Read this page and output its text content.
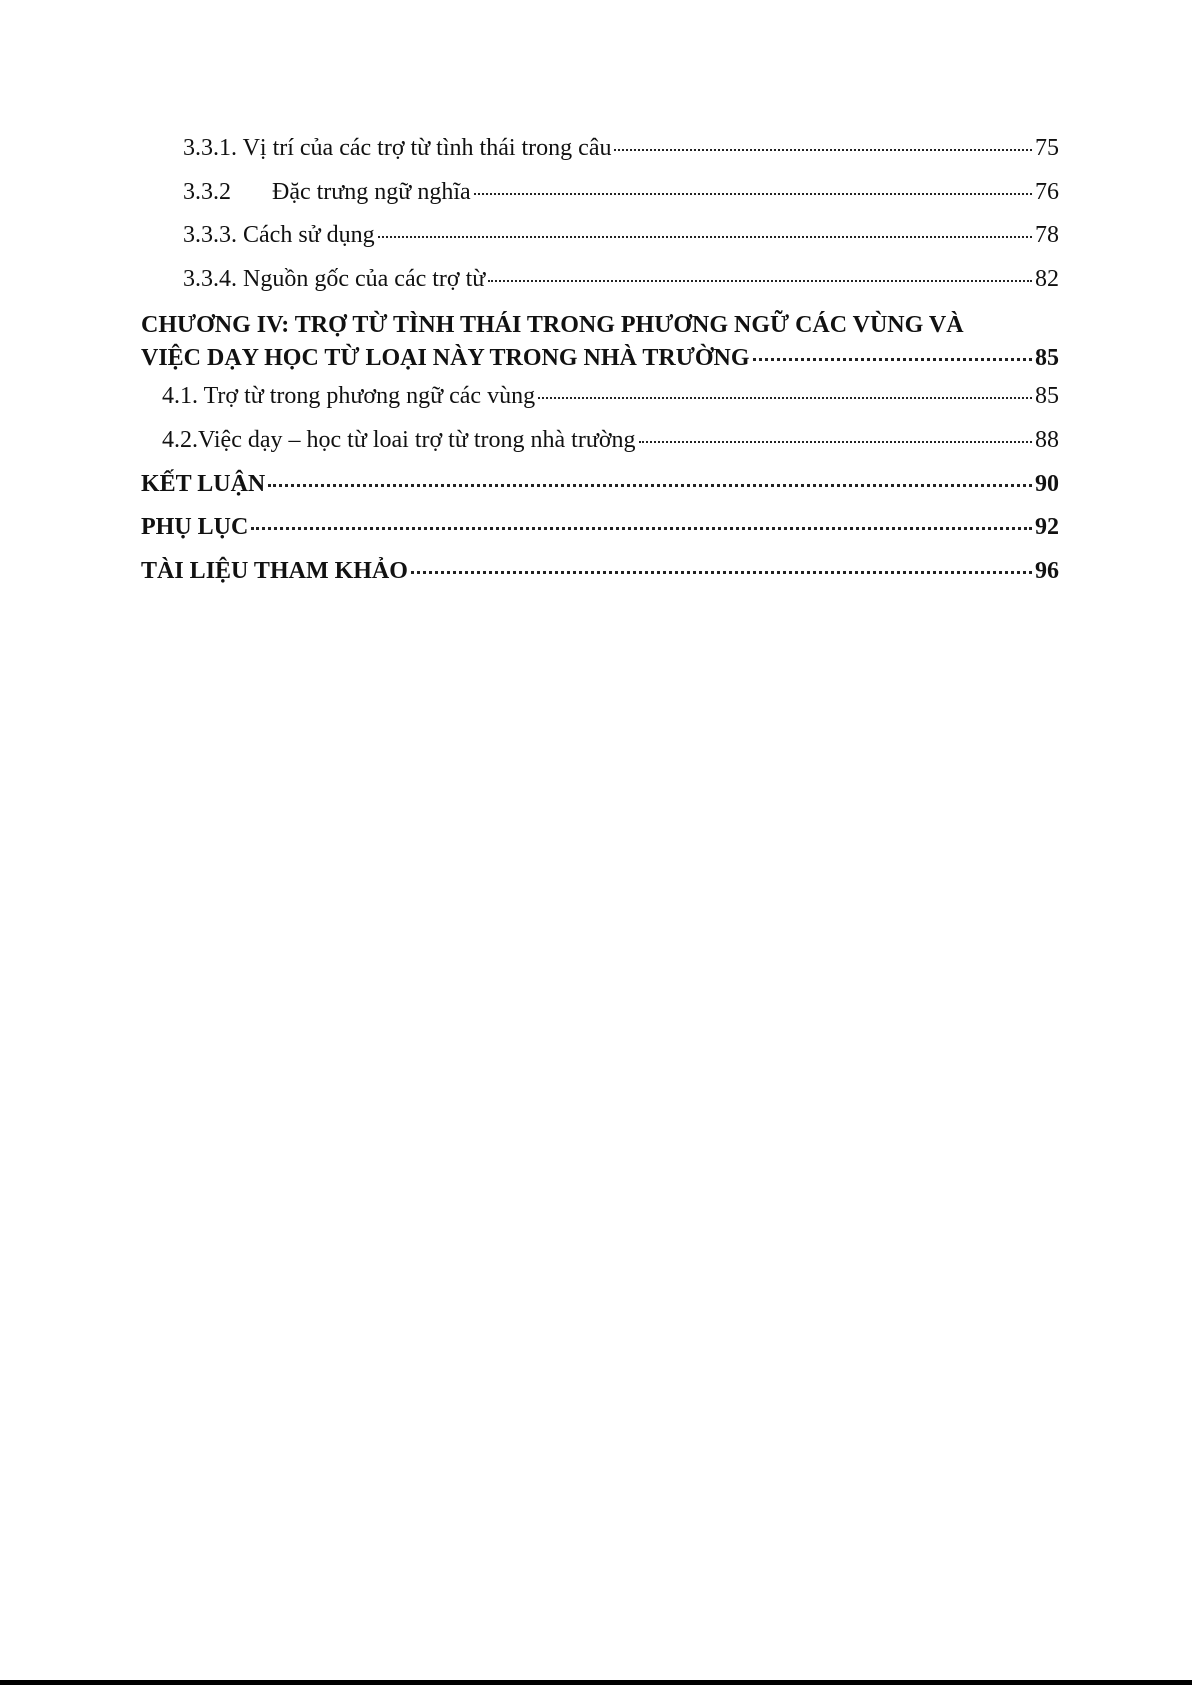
3.3.1. Vị trí của các trợ từ tình thái trong câu	75
3.3.2	Đặc trưng ngữ nghĩa	76
3.3.3. Cách sử dụng	78
3.3.4. Nguồn gốc của các trợ từ	82
CHƯƠNG IV: TRỢ TỪ TÌNH THÁI TRONG PHƯƠNG NGỮ CÁC VÙNG VÀ
VIỆC DẠY HỌC TỪ LOẠI NÀY TRONG NHÀ TRƯỜNG	85
4.1. Trợ từ trong phương ngữ các vùng	85
4.2.Việc dạy – học từ loai trợ từ trong nhà trường	88
KẾT LUẬN	90
PHỤ LỤC	92
TÀI LIỆU THAM KHẢO	96
